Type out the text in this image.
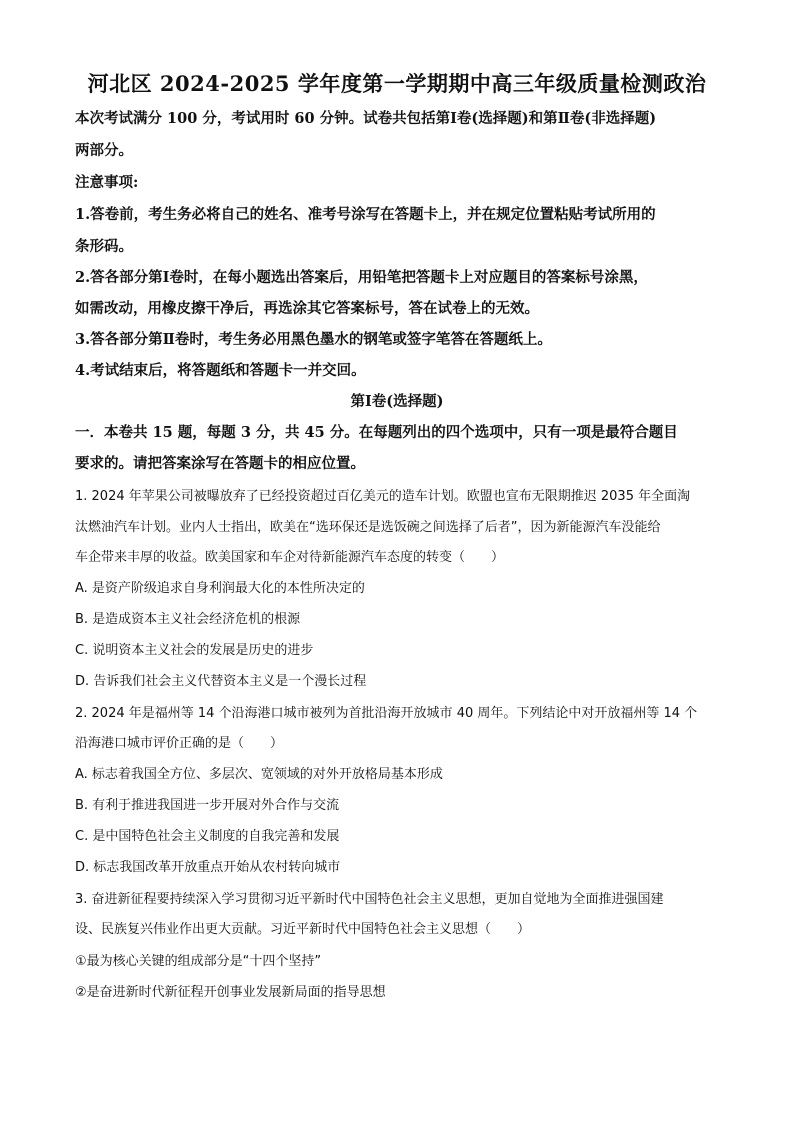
河北区 2024-2025 学年度第一学期期中高三年级质量检测政治
本次考试满分 100 分，考试用时 60 分钟。试卷共包括第Ⅰ卷(选择题)和第Ⅱ卷(非选择题)
两部分。
注意事项:
1.答卷前，考生务必将自己的姓名、准考号涂写在答题卡上，并在规定位置粘贴考试所用的
条形码。
2.答各部分第Ⅰ卷时，在每小题选出答案后，用铅笔把答题卡上对应题目的答案标号涂黑，
如需改动，用橡皮擦干净后，再选涂其它答案标号，答在试卷上的无效。
3.答各部分第Ⅱ卷时，考生务必用黑色墨水的钢笔或签字笔答在答题纸上。
4.考试结束后，将答题纸和答题卡一并交回。
第Ⅰ卷(选择题)
一．本卷共 15 题，每题 3 分，共 45 分。在每题列出的四个选项中，只有一项是最符合题目
要求的。请把答案涂写在答题卡的相应位置。
1. 2024 年苹果公司被曝放弃了已经投资超过百亿美元的造车计划。欧盟也宣布无限期推迟 2035 年全面淘
汰燃油汽车计划。业内人士指出，欧美在“选环保还是选饭碗之间选择了后者”，因为新能源汽车没能给
车企带来丰厚的收益。欧美国家和车企对待新能源汽车态度的转变（　　）
A. 是资产阶级追求自身利润最大化的本性所决定的
B. 是造成资本主义社会经济危机的根源
C. 说明资本主义社会的发展是历史的进步
D. 告诉我们社会主义代替资本主义是一个漫长过程
2. 2024 年是福州等 14 个沿海港口城市被列为首批沿海开放城市 40 周年。下列结论中对开放福州等 14 个
沿海港口城市评价正确的是（　　）
A. 标志着我国全方位、多层次、宽领域的对外开放格局基本形成
B. 有利于推进我国进一步开展对外合作与交流
C. 是中国特色社会主义制度的自我完善和发展
D. 标志我国改革开放重点开始从农村转向城市
3. 奋进新征程要持续深入学习贯彻习近平新时代中国特色社会主义思想，更加自觉地为全面推进强国建
设、民族复兴伟业作出更大贡献。习近平新时代中国特色社会主义思想（　　）
①最为核心关键的组成部分是“十四个坚持”
②是奋进新时代新征程开创事业发展新局面的指导思想
